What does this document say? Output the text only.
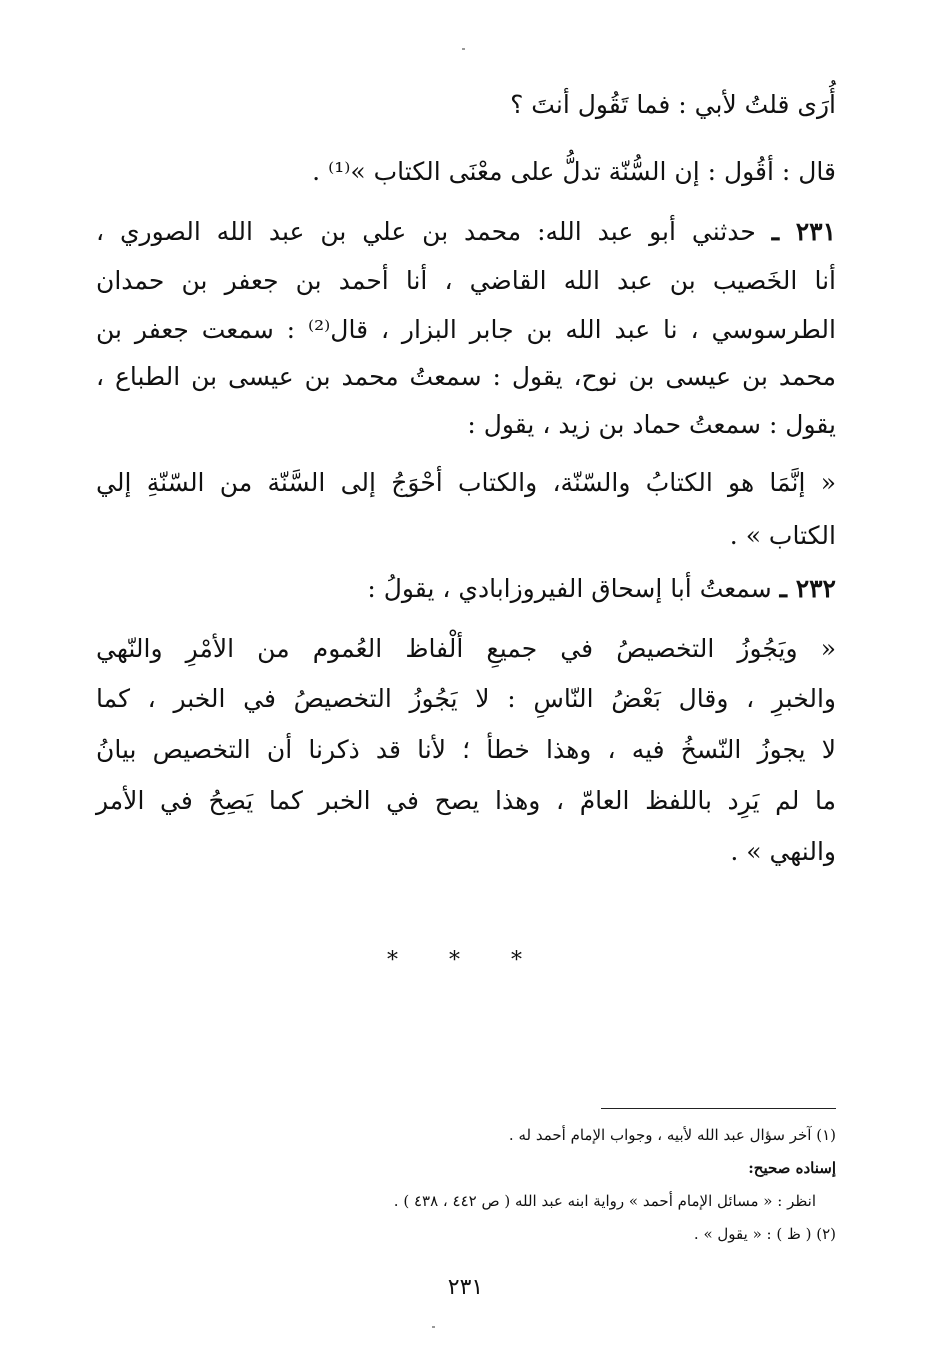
أُرَى قلتُ لأبي : فما تَقُول أنتَ ؟
قال : أقُول : إن السُّنّة تدلُّ على معْنَى الكتاب »⁽¹⁾ .
٢٣١ ـ حدثني أبو عبد الله: محمد بن علي بن عبد الله الصوري ،
أنا الخَصيب بن عبد الله القاضي ، أنا أحمد بن جعفر بن حمدان
الطرسوسي ، نا عبد الله بن جابر البزار ، قال⁽²⁾ : سمعت جعفر بن
محمد بن عيسى بن نوح، يقول : سمعتُ محمد بن عيسى بن الطباع ،
يقول : سمعتُ حماد بن زيد ، يقول :
« إنَّمَا هو الكتابُ والسّنّة، والكتاب أحْوَجُ إلى السَّنّة من السّنّةِ إلي
الكتاب » .
٢٣٢ ـ سمعتُ أبا إسحاق الفيروزابادي ، يقولُ :
« ويَجُوزُ التخصيصُ في جميعِ ألْفاظ العُموم من الأمْرِ والنّهي
والخبرِ ، وقال بَعْضُ النّاسِ : لا يَجُوزُ التخصيصُ في الخبر ، كما
لا يجوزُ النّسخُ فيه ، وهذا خطأ ؛ لأنا قد ذكرنا أن التخصيص بيانُ
ما لم يَرِد باللفظ العامّ ، وهذا يصح في الخبر كما يَصِحُ في الأمر
والنهي » .
* * *
(١) آخر سؤال عبد الله لأبيه ، وجواب الإمام أحمد له .
إسناده صحيح:
انظر : « مسائل الإمام أحمد » رواية ابنه عبد الله ( ص ٤٤٢ ، ٤٣٨ ) .
(٢) ( ظ ) : « يقول » .
٢٣١
